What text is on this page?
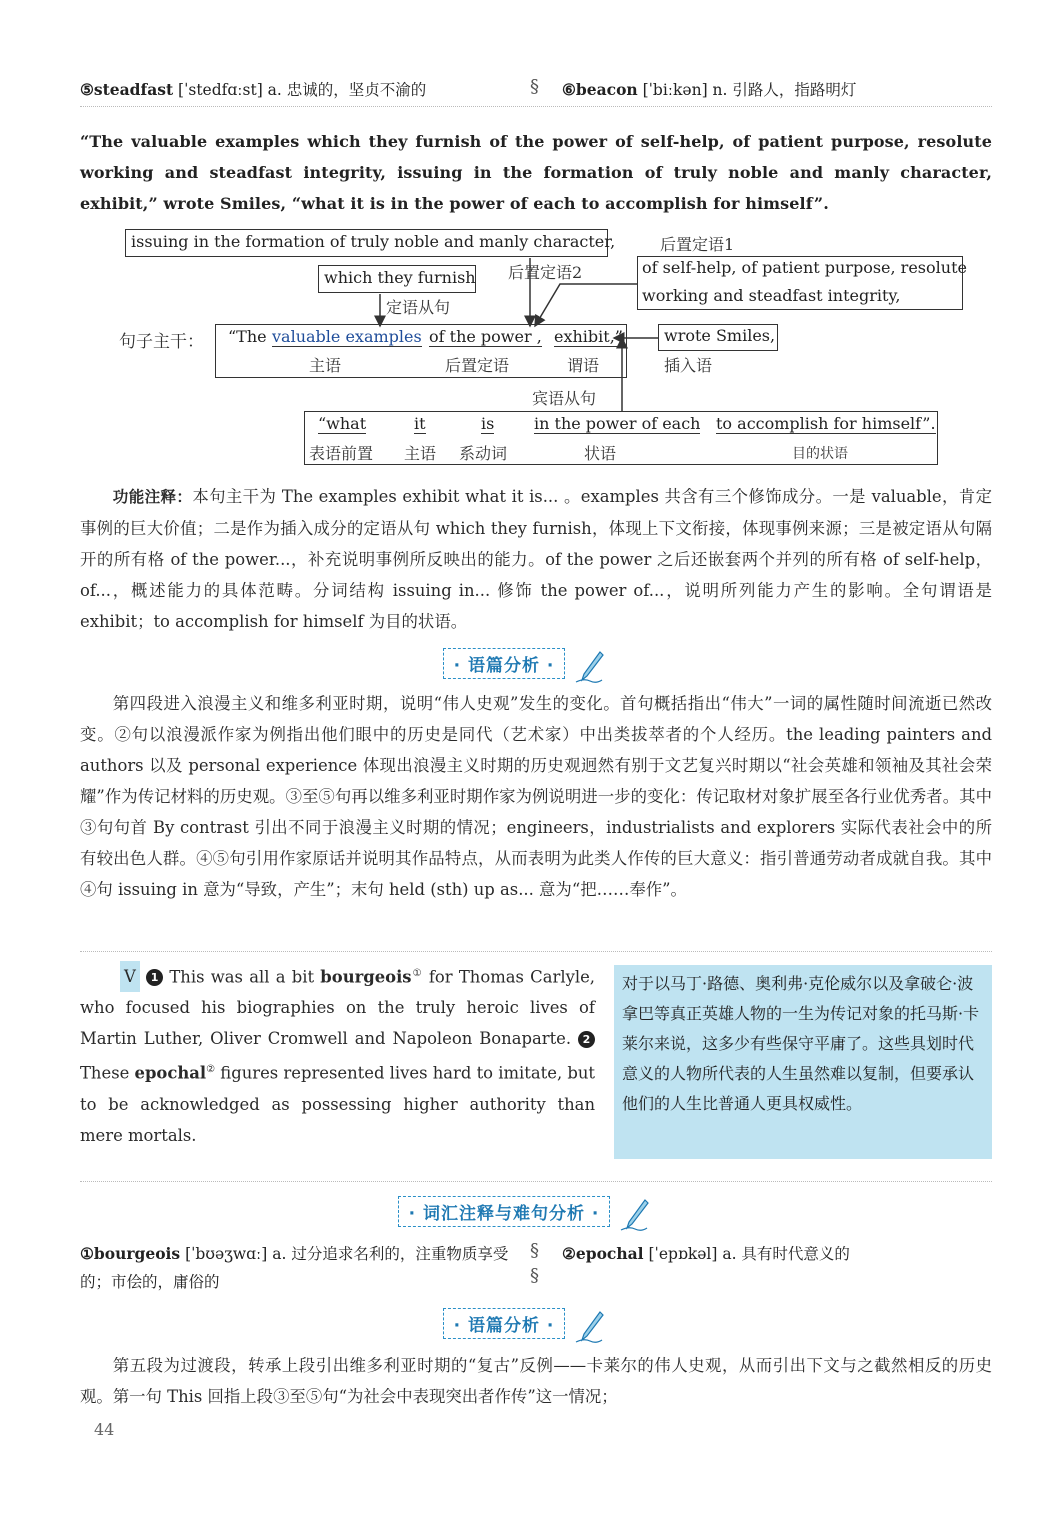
⑤steadfast [ˈstedfɑːst] a. 忠诚的，坚贞不渝的	§ ⑥beacon [ˈbiːkən] n. 引路人，指路明灯
“The valuable examples which they furnish of the power of self-help, of patient purpose, resolute working and steadfast integrity, issuing in the formation of truly noble and manly character, exhibit,” wrote Smiles, “what it is in the power of each to accomplish for himself”.
issuing in the formation of truly noble and manly character,	后置定语1
which they furnish 后置定语2
定语从句
of self-help, of patient purpose, resolute
working and steadfast integrity,
句子主干： “The valuable examples of the power , exhibit,”
主语	后置定语	谓语
wrote Smiles,
插入语
宾语从句
“what	it	is in the power of each to accomplish for himself”.
表语前置 主语 系动词	状语	目的状语

功能注释：本句主干为 The examples exhibit what it is... 。examples 共含有三个修饰成分。一是 valuable，肯定事例的巨大价值；二是作为插入成分的定语从句 which they furnish，体现上下文衔接，体现事例来源；三是被定语从句隔开的所有格 of the power...，补充说明事例所反映出的能力。of the power 之后还嵌套两个并列的所有格 of self-help，of...，概述能力的具体范畴。分词结构 issuing in... 修饰 the power of...，说明所列能力产生的影响。全句谓语是 exhibit；to accomplish for himself 为目的状语。

· 语篇分析 ·

第四段进入浪漫主义和维多利亚时期，说明“伟人史观”发生的变化。首句概括指出“伟大”一词的属性随时间流逝已然改变。②句以浪漫派作家为例指出他们眼中的历史是同代（艺术家）中出类拔萃者的个人经历。the leading painters and authors 以及 personal experience 体现出浪漫主义时期的历史观迥然有别于文艺复兴时期以“社会英雄和领袖及其社会荣耀”作为传记材料的历史观。③至⑤句再以维多利亚时期作家为例说明进一步的变化：传记取材对象扩展至各行业优秀者。其中③句句首 By contrast 引出不同于浪漫主义时期的情况；engineers，industrialists and explorers 实际代表社会中的所有较出色人群。④⑤句引用作家原话并说明其作品特点，从而表明为此类人作传的巨大意义：指引普通劳动者成就自我。其中④句 issuing in 意为“导致，产生”；末句 held (sth) up as... 意为“把……奉作”。

V 1 This was all a bit bourgeois① for Thomas Carlyle, who focused his biographies on the truly heroic lives of Martin Luther, Oliver Cromwell and Napoleon Bonaparte. 2These epochal② figures represented lives hard to imitate, but to be acknowledged as possessing higher authority than mere mortals.
对于以马丁·路德、奥利弗·克伦威尔以及拿破仑·波拿巴等真正英雄人物的一生为传记对象的托马斯·卡莱尔来说，这多少有些保守平庸了。这些具划时代意义的人物所代表的人生虽然难以复制，但要承认他们的人生比普通人更具权威性。
· 词汇注释与难句分析 ·
①bourgeois [ˈbʊəʒwɑː] a. 过分追求名利的，注重物质享受的；市侩的，庸俗的
§
§
②epochal [ˈepɒkəl] a. 具有时代意义的
· 语篇分析 ·

第五段为过渡段，转承上段引出维多利亚时期的“复古”反例——卡莱尔的伟人史观，从而引出下文与之截然相反的历史观。第一句 This 回指上段③至⑤句“为社会中表现突出者作传”这一情况；

44
